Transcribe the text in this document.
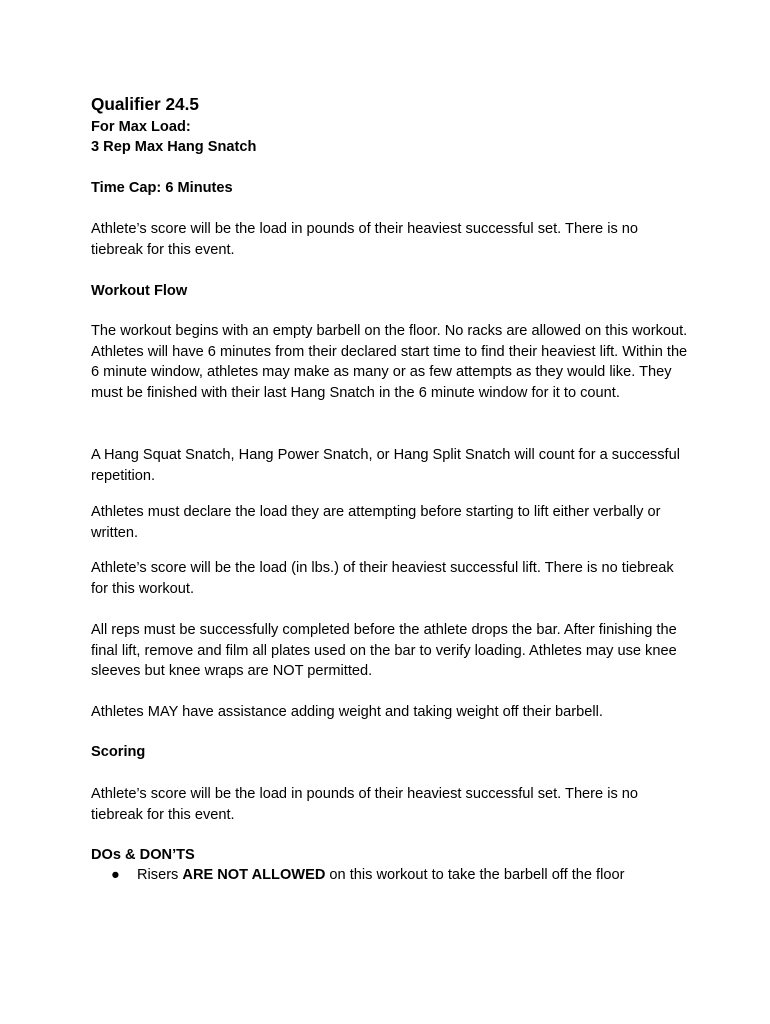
Qualifier 24.5

For Max Load:

3 Rep Max Hang Snatch

Time Cap: 6 Minutes

Athlete’s score will be the load in pounds of their heaviest successful set. There is no tiebreak for this event.

Workout Flow

The workout begins with an empty barbell on the floor. No racks are allowed on this workout. Athletes will have 6 minutes from their declared start time to find their heaviest lift. Within the 6 minute window, athletes may make as many or as few attempts as they would like. They must be finished with their last Hang Snatch in the 6 minute window for it to count.

A Hang Squat Snatch, Hang Power Snatch, or Hang Split Snatch will count for a successful repetition.

Athletes must declare the load they are attempting before starting to lift either verbally or written.

Athlete’s score will be the load (in lbs.) of their heaviest successful lift. There is no tiebreak for this workout.

All reps must be successfully completed before the athlete drops the bar. After finishing the final lift, remove and film all plates used on the bar to verify loading. Athletes may use knee sleeves but knee wraps are NOT permitted.

Athletes MAY have assistance adding weight and taking weight off their barbell.

Scoring

Athlete’s score will be the load in pounds of their heaviest successful set. There is no tiebreak for this event.

DOs & DON’TS

● Risers ARE NOT ALLOWED on this workout to take the barbell off the floor
